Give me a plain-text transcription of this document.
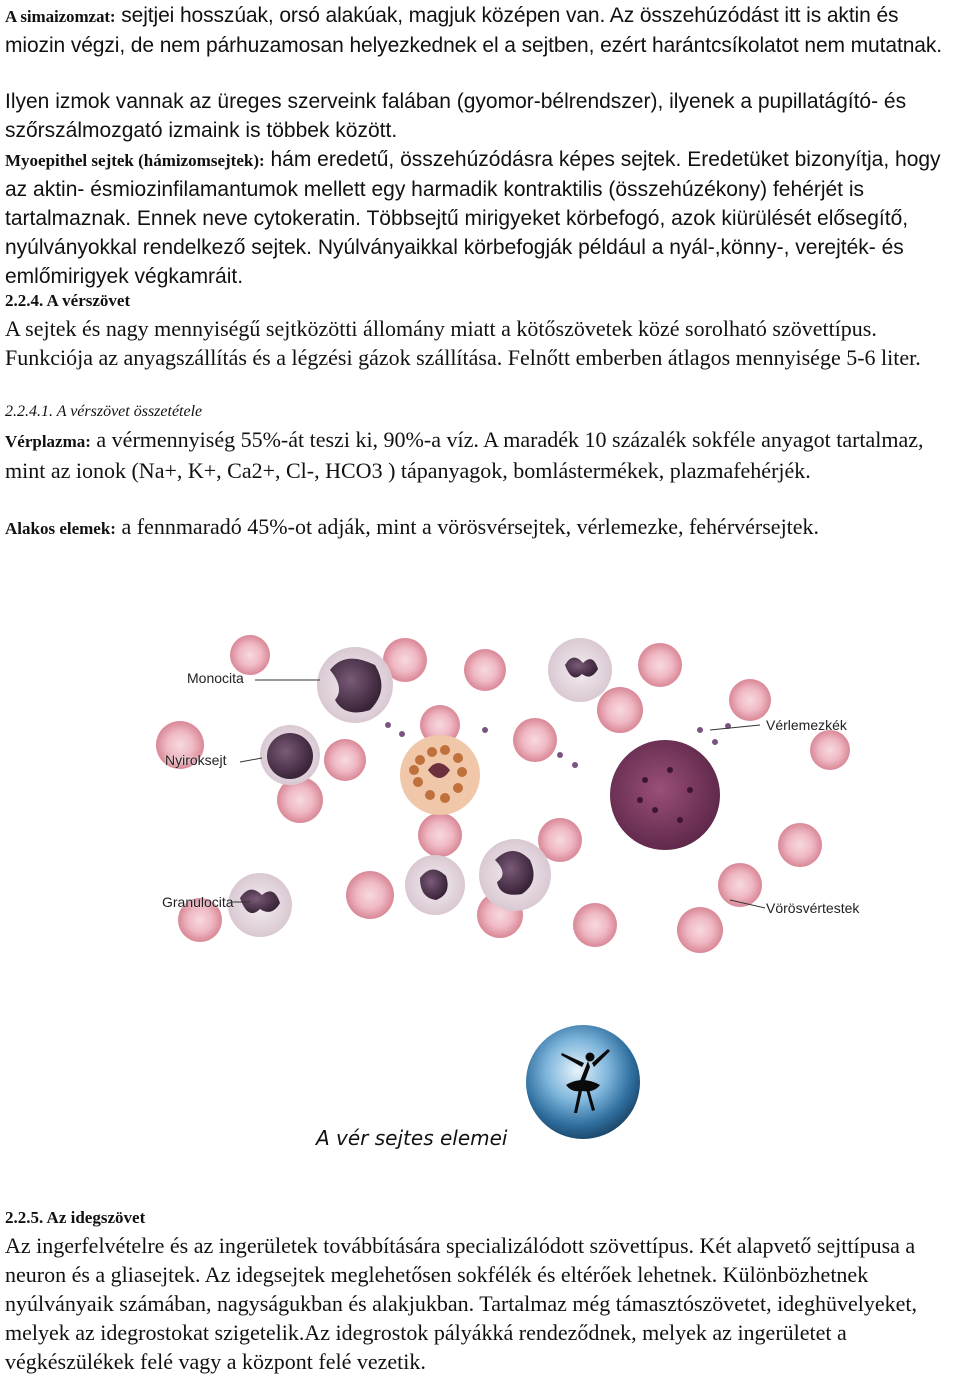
A simaizomzat: sejtjei hosszúak, orsó alakúak, magjuk középen van. Az összehúzódást itt is aktin és miozin végzi, de nem párhuzamosan helyezkednek el a sejtben, ezért harántcsíkolatot nem mutatnak.

Ilyen izmok vannak az üreges szerveink falában (gyomor-bélrendszer), ilyenek a pupillatágító- és szőrszálmozgató izmaink is többek között.

Myoepithel sejtek (hámizomsejtek): hám eredetű, összehúzódásra képes sejtek. Eredetüket bizonyítja, hogy az aktin- ésmiozinfilamantumok mellett egy harmadik kontraktilis (összehúzékony) fehérjét is tartalmaznak. Ennek neve cytokeratin. Többsejtű mirigyeket körbefogó, azok kiürülését elősegítő, nyúlványokkal rendelkező sejtek. Nyúlványaikkal körbefogják például a nyál-,könny-, verejték- és emlőmirigyek végkamráit.

2.2.4. A vérszövet

A sejtek és nagy mennyiségű sejtközötti állomány miatt a kötőszövetek közé sorolható szövettípus. Funkciója az anyagszállítás és a légzési gázok szállítása. Felnőtt emberben átlagos mennyisége 5-6 liter.

2.2.4.1. A vérszövet összetétele

Vérplazma: a vérmennyiség 55%-át teszi ki, 90%-a víz. A maradék 10 százalék sokféle anyagot tartalmaz, mint az ionok (Na+, K+, Ca2+, Cl-, HCO3 ) tápanyagok, bomlástermékek, plazmafehérjék.

Alakos elemek: a fennmaradó 45%-ot adják, mint a vörösvérsejtek, vérlemezke, fehérvérsejtek.

2.2.5. Az idegszövet

Az ingerfelvételre és az ingerületek továbbítására specializálódott szövettípus. Két alapvető sejttípusa a neuron és a gliasejtek. Az idegsejtek meglehetősen sokfélék és eltérőek lehetnek. Különbözhetnek nyúlványaik számában, nagyságukban és alakjukban. Tartalmaz még támasztószövetet, ideghüvelyeket, melyek az idegrostokat szigetelik.Az idegrostok pályákká rendeződnek, melyek az ingerületet a végkészülékek felé vagy a központ felé vezetik.

Monocita
Nyiroksejt
Granulocita
Vérlemezkék
Vörösvértestek
A vér sejtes elemei
